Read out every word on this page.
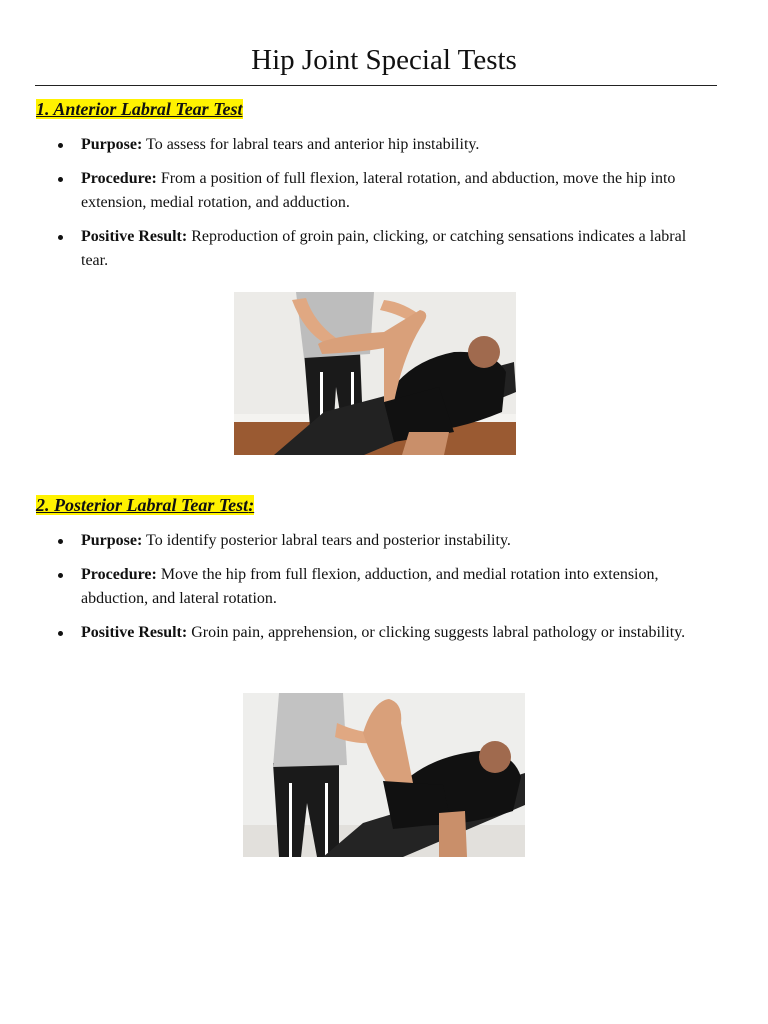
Hip Joint Special Tests
1. Anterior Labral Tear Test
Purpose: To assess for labral tears and anterior hip instability.
Procedure: From a position of full flexion, lateral rotation, and abduction, move the hip into extension, medial rotation, and adduction.
Positive Result: Reproduction of groin pain, clicking, or catching sensations indicates a labral tear.
2. Posterior Labral Tear Test:
Purpose: To identify posterior labral tears and posterior instability.
Procedure: Move the hip from full flexion, adduction, and medial rotation into extension, abduction, and lateral rotation.
Positive Result: Groin pain, apprehension, or clicking suggests labral pathology or instability.
